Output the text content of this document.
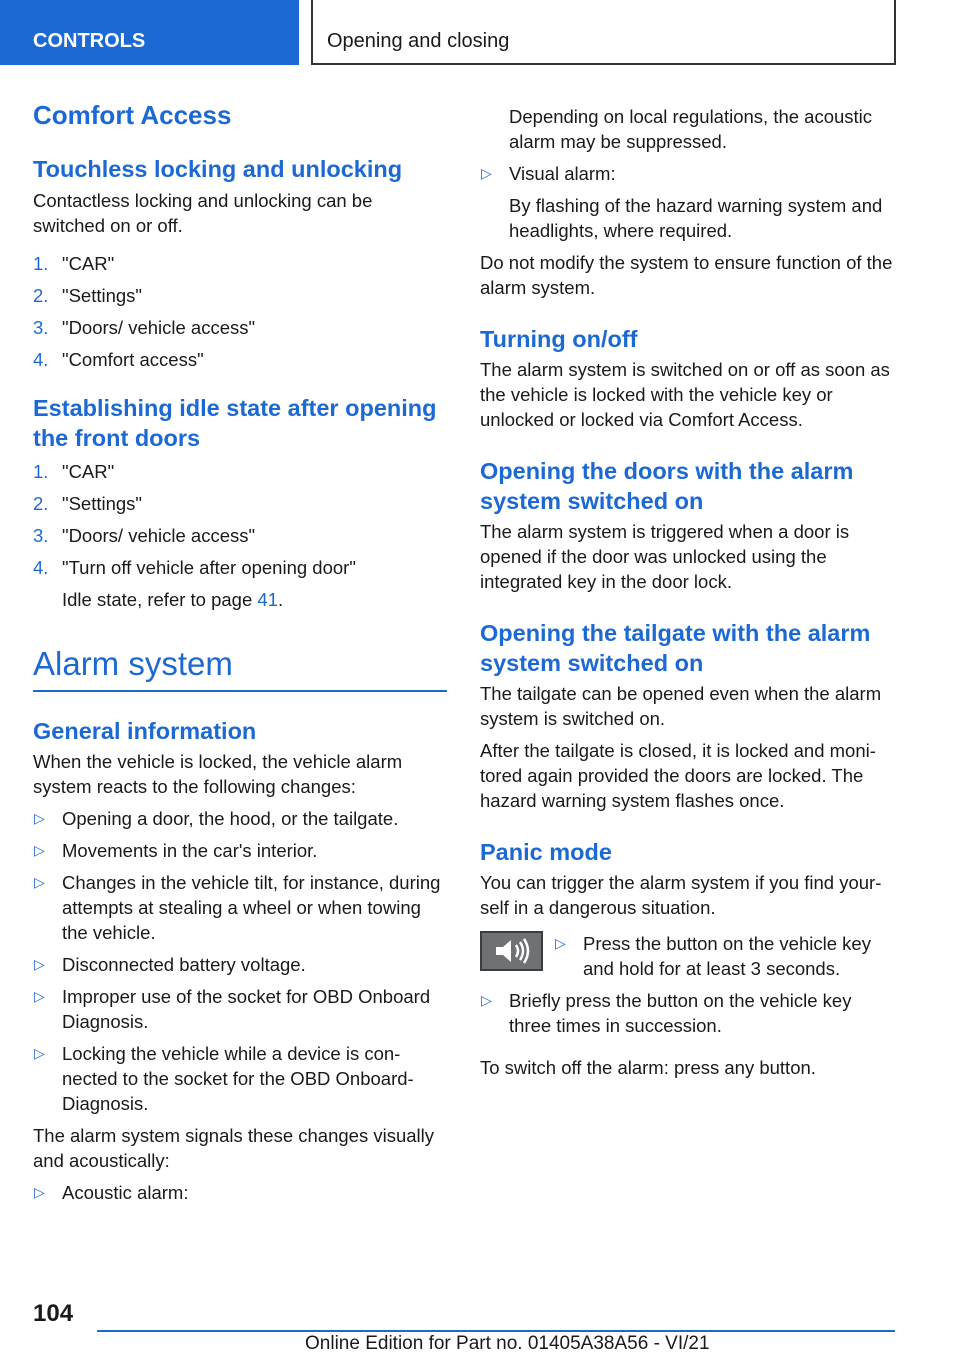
CONTROLS	Opening and closing
Comfort Access
Touchless locking and unlocking
Contactless locking and unlocking can be switched on or off.
1. "CAR"
2. "Settings"
3. "Doors/ vehicle access"
4. "Comfort access"
Establishing idle state after opening the front doors
1. "CAR"
2. "Settings"
3. "Doors/ vehicle access"
4. "Turn off vehicle after opening door"
Idle state, refer to page 41.
Alarm system
General information
When the vehicle is locked, the vehicle alarm system reacts to the following changes:
▷ Opening a door, the hood, or the tailgate.
▷ Movements in the car's interior.
▷ Changes in the vehicle tilt, for instance, during attempts at stealing a wheel or when towing the vehicle.
▷ Disconnected battery voltage.
▷ Improper use of the socket for OBD Onboard Diagnosis.
▷ Locking the vehicle while a device is connected to the socket for the OBD Onboard-Diagnosis.
The alarm system signals these changes visually and acoustically:
▷ Acoustic alarm:
Depending on local regulations, the acoustic alarm may be suppressed.
▷ Visual alarm:
By flashing of the hazard warning system and headlights, where required.
Do not modify the system to ensure function of the alarm system.
Turning on/off
The alarm system is switched on or off as soon as the vehicle is locked with the vehicle key or unlocked or locked via Comfort Access.
Opening the doors with the alarm system switched on
The alarm system is triggered when a door is opened if the door was unlocked using the integrated key in the door lock.
Opening the tailgate with the alarm system switched on
The tailgate can be opened even when the alarm system is switched on.
After the tailgate is closed, it is locked and monitored again provided the doors are locked. The hazard warning system flashes once.
Panic mode
You can trigger the alarm system if you find yourself in a dangerous situation.
▷ Press the button on the vehicle key and hold for at least 3 seconds.
▷ Briefly press the button on the vehicle key three times in succession.
To switch off the alarm: press any button.
104
Online Edition for Part no. 01405A38A56 - VI/21
